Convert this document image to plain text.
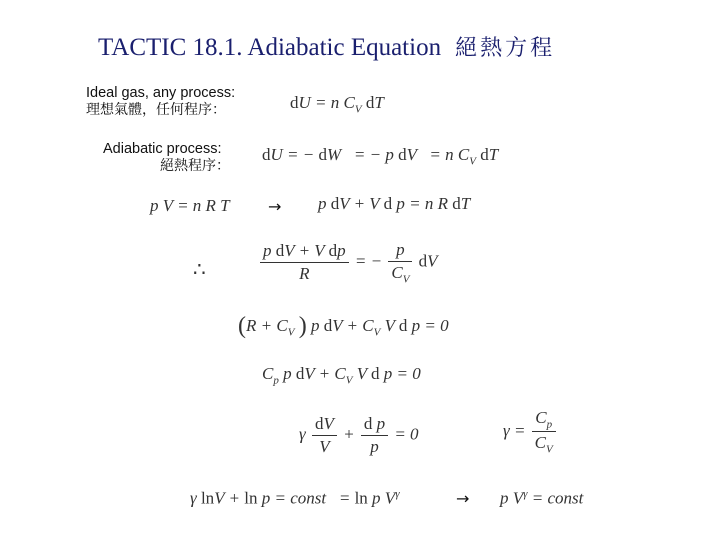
TACTIC 18.1. Adiabatic Equation 絕熱方程
Ideal gas, any process:
理想氣體，任何程序：	dU = n $C_V$ dT
Adiabatic process:
絕熱程序：
dU = − dW   = − p dV   = n $C_V$ dT
p V = n R T → p dV + V d p = n R dT
∴	$\frac{\text{p dV + V dp}}{R}$ = − $\frac{p}{C_V}$ dV
($R + C_V$ ) p dV + $C_V$ V d p = 0
$C_p$ p dV + $C_V$ V d p = 0
γ $\frac{dV}{V} + \frac{\text{d p}}{p} = 0$	$\gamma = \frac{C_p}{C_V}$
γ lnV + ln p = const   = ln p $V^\gamma$	→ p $V^\gamma$ = const
